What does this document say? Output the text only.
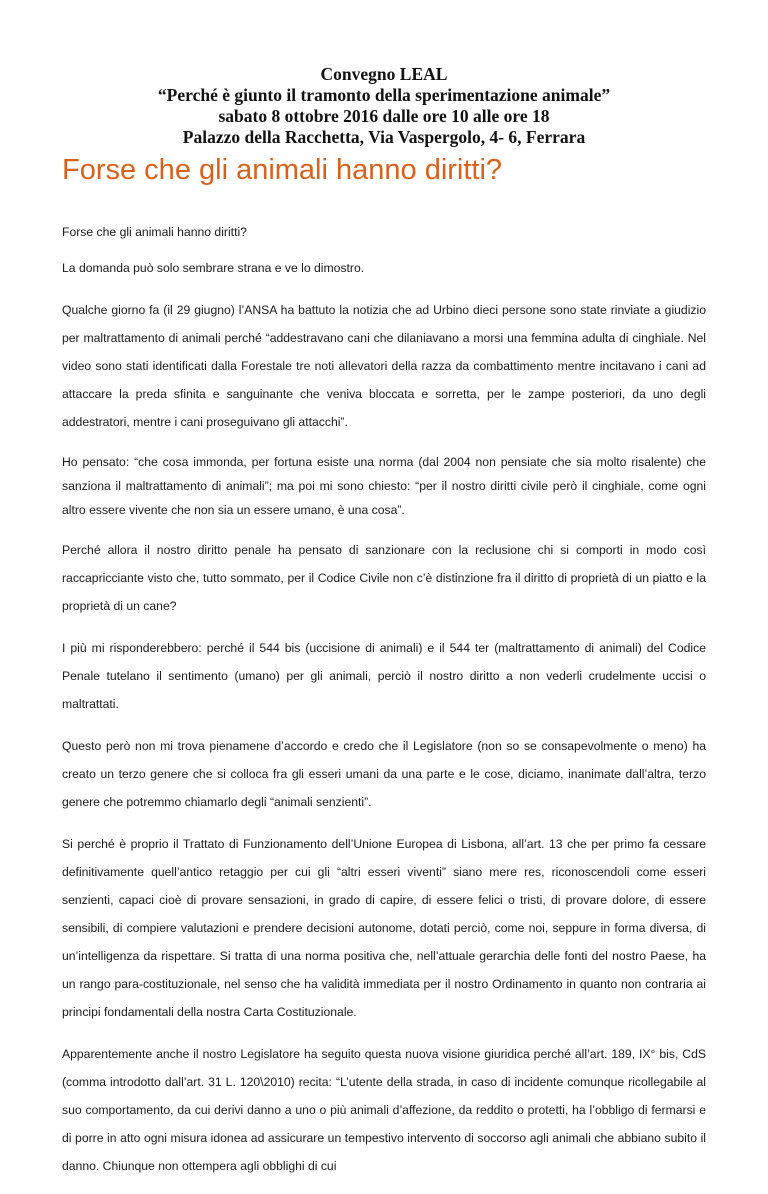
Convegno LEAL
“Perché è giunto il tramonto della sperimentazione animale”
sabato 8 ottobre 2016 dalle ore 10 alle ore 18
Palazzo della Racchetta, Via Vaspergolo, 4- 6, Ferrara
Forse che gli animali hanno diritti?

Forse che gli animali hanno diritti?

La domanda può solo sembrare strana e ve lo dimostro.

Qualche giorno fa (il 29 giugno) l’ANSA ha battuto la notizia che ad Urbino dieci persone sono state rinviate a giudizio per maltrattamento di animali perché “addestravano cani che dilaniavano a morsi una femmina adulta di cinghiale. Nel video sono stati identificati dalla Forestale tre noti allevatori della razza da combattimento mentre incitavano i cani ad attaccare la preda sfinita e sanguinante che veniva bloccata e sorretta, per le zampe posteriori, da uno degli addestratori, mentre i cani proseguivano gli attacchi”.

Ho pensato: “che cosa immonda, per fortuna esiste una norma (dal 2004 non pensiate che sia molto risalente) che sanziona il maltrattamento di animali”; ma poi mi sono chiesto: “per il nostro diritti civile però il cinghiale, come ogni altro essere vivente che non sia un essere umano, è una cosa”.

Perché allora il nostro diritto penale ha pensato di sanzionare con la reclusione chi si comporti in modo così raccapricciante visto che, tutto sommato, per il Codice Civile non c’è distinzione fra il diritto di proprietà di un piatto e la proprietà di un cane?

I più mi risponderebbero: perché il 544 bis (uccisione di animali) e il 544 ter (maltrattamento di animali) del Codice Penale tutelano il sentimento (umano) per gli animali, perciò il nostro diritto a non vederli crudelmente uccisi o maltrattati.

Questo però non mi trova pienamene d’accordo e credo che il Legislatore (non so se consapevolmente o meno) ha creato un terzo genere che si colloca fra gli esseri umani da una parte e le cose, diciamo, inanimate dall’altra, terzo genere che potremmo chiamarlo degli “animali senzienti”.

Si perché è proprio il Trattato di Funzionamento dell’Unione Europea di Lisbona, all’art. 13 che per primo fa cessare definitivamente quell’antico retaggio per cui gli “altri esseri viventi” siano mere res, riconoscendoli come esseri senzienti, capaci cioè di provare sensazioni, in grado di capire, di essere felici o tristi, di provare dolore, di essere sensibili, di compiere valutazioni e prendere decisioni autonome, dotati perciò, come noi, seppure in forma diversa, di un’intelligenza da rispettare. Si tratta di una norma positiva che, nell’attuale gerarchia delle fonti del nostro Paese, ha un rango para-costituzionale, nel senso che ha validità immediata per il nostro Ordinamento in quanto non contraria ai principi fondamentali della nostra Carta Costituzionale.

Apparentemente anche il nostro Legislatore ha seguito questa nuova visione giuridica perché all’art. 189, IX° bis, CdS (comma introdotto dall’art. 31 L. 120\2010) recita: “L’utente della strada, in caso di incidente comunque ricollegabile al suo comportamento, da cui derivi danno a uno o più animali d’affezione, da reddito o protetti, ha l’obbligo di fermarsi e di porre in atto ogni misura idonea ad assicurare un tempestivo intervento di soccorso agli animali che abbiano subito il danno. Chiunque non ottempera agli obblighi di cui
